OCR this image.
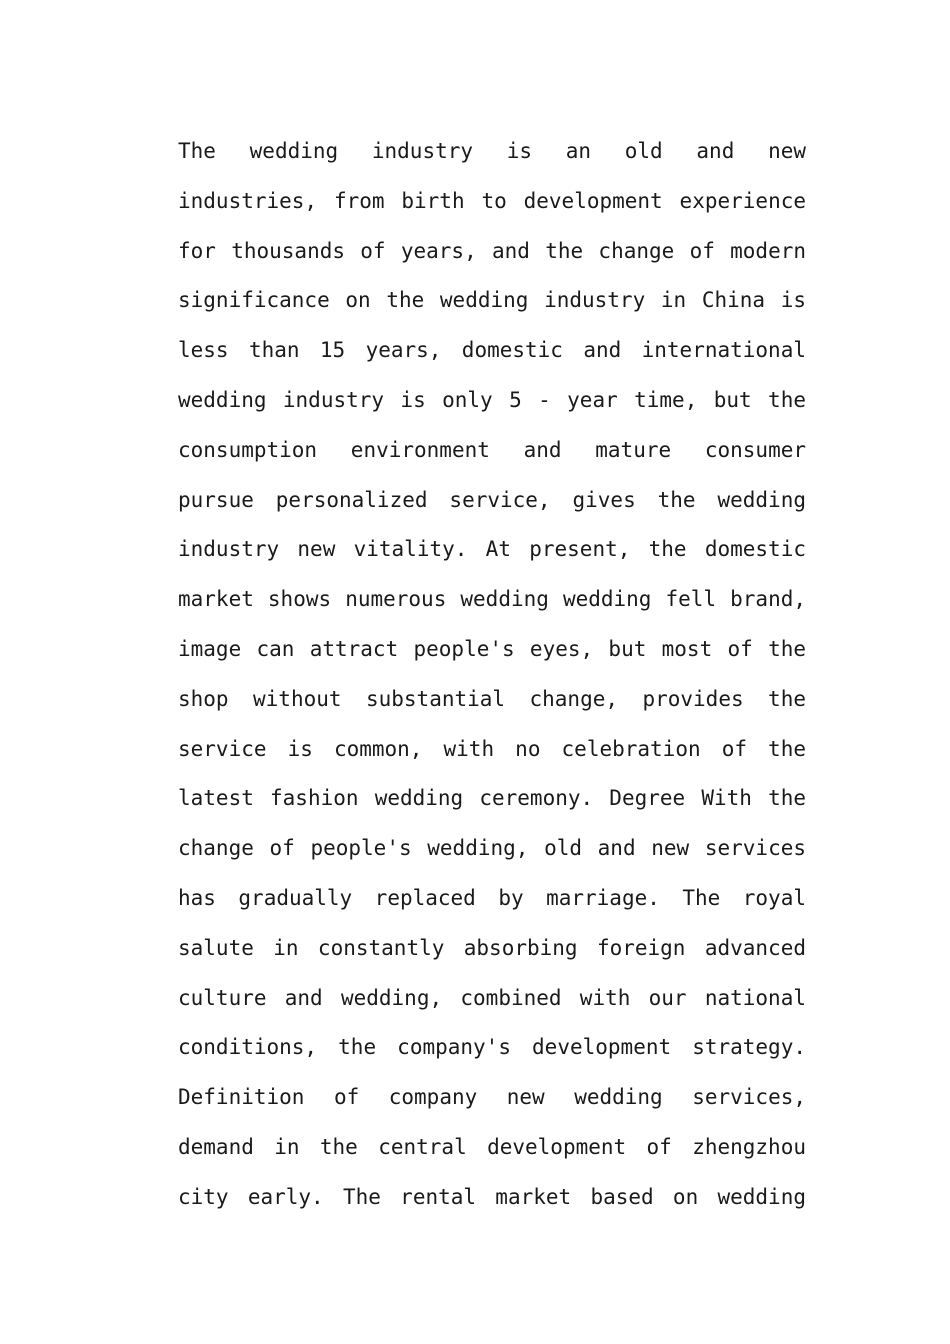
The wedding industry is an old and new
industries, from birth to development experience
for thousands of years, and the change of modern
significance on the wedding industry in China is
less than 15 years, domestic and international
wedding industry is only 5 - year time, but the
consumption environment and mature consumer
pursue personalized service, gives the wedding
industry new vitality. At present, the domestic
market shows numerous wedding wedding fell brand,
image can attract people's eyes, but most of the
shop without substantial change, provides the
service is common, with no celebration of the
latest fashion wedding ceremony. Degree With the
change of people's wedding, old and new services
has gradually replaced by marriage. The royal
salute in constantly absorbing foreign advanced
culture and wedding, combined with our national
conditions, the company's development strategy.
Definition of company new wedding services,
demand in the central development of zhengzhou
city early. The rental market based on wedding
